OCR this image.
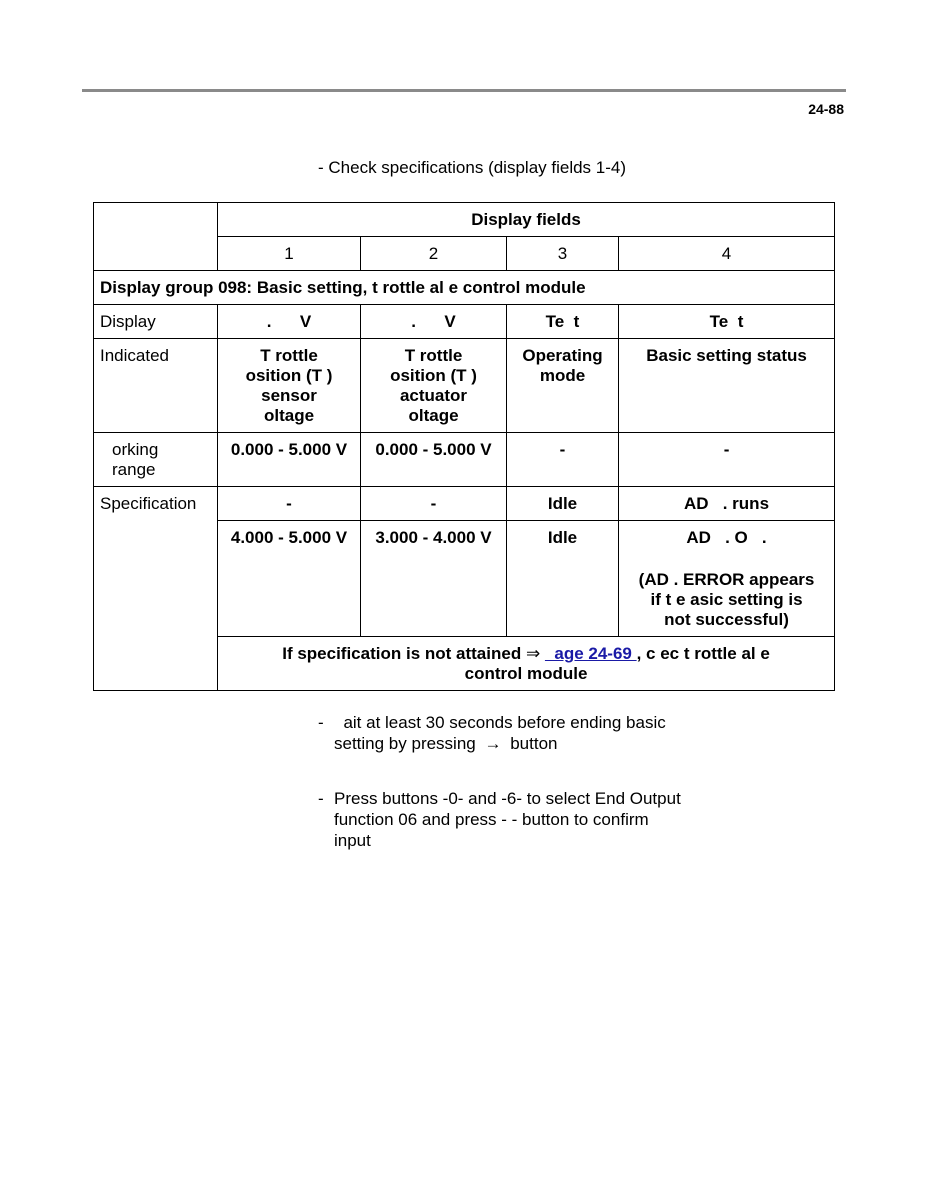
24-88
- Check specifications (display fields 1-4)
	Display fields			
	1	2	3	4
Display group 098: Basic setting, t rottle al e control module				
Display	.      V	.      V	Te  t	Te  t
Indicated	T rottle
osition (T )
sensor
oltage	T rottle
osition (T )
actuator
oltage	Operating
mode	Basic setting status
orking
range	0.000 - 5.000 V	0.000 - 5.000 V	-	-
Specification	-	-	Idle	AD   . runs
	4.000 - 5.000 V	3.000 - 4.000 V	Idle	AD   . O   .
(AD . ERROR appears
if t e asic setting is
not successful)

	If specification is not attained ⇒   age 24-69 , c ec t rottle al e
control module			
- ait at least 30 seconds before ending basic
setting by pressing → button
- Press buttons -0- and -6- to select End Output
function 06 and press - - button to confirm
input
